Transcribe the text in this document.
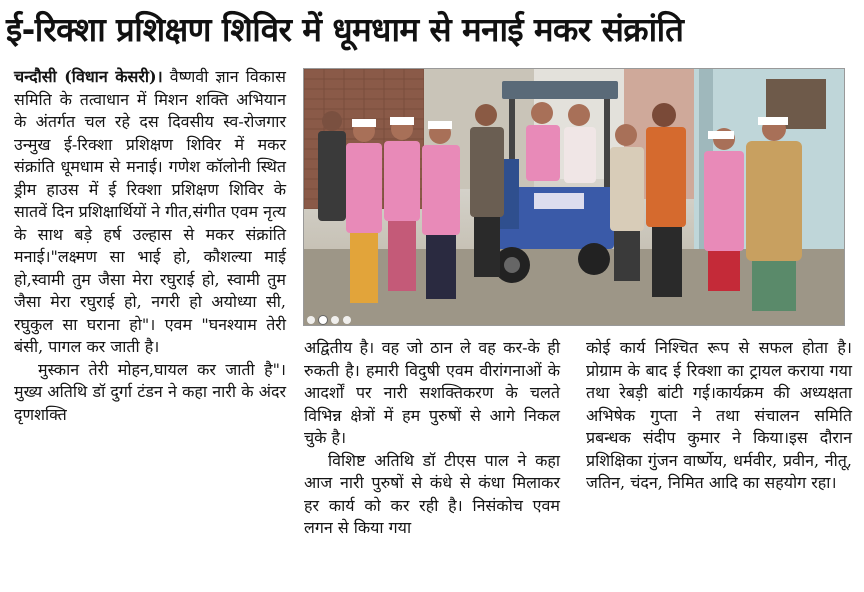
ई-रिक्शा प्रशिक्षण शिविर में धूमधाम से मनाई मकर संक्रांति

चन्दौसी (विधान केसरी)। वैष्णवी ज्ञान विकास समिति के तत्वाधान में मिशन शक्ति अभियान के अंतर्गत चल रहे दस दिवसीय स्व-रोजगार उन्मुख ई-रिक्शा प्रशिक्षण शिविर में मकर संक्रांति धूमधाम से मनाई। गणेश कॉलोनी स्थित ड्रीम हाउस में ई रिक्शा प्रशिक्षण शिविर के सातवें दिन प्रशिक्षार्थियों ने गीत,संगीत एवम नृत्य के साथ बड़े हर्ष उल्हास से मकर संक्रांति मनाई।"लक्ष्मण सा भाई हो, कौशल्या माई हो,स्वामी तुम जैसा मेरा रघुराई हो, स्वामी तुम जैसा मेरा रघुराई हो, नगरी हो अयोध्या सी, रघुकुल सा घराना हो"। एवम "घनश्याम तेरी बंसी, पागल कर जाती है।

मुस्कान तेरी मोहन,घायल कर जाती है"। मुख्य अतिथि डॉ दुर्गा टंडन ने कहा नारी के अंदर दृणशक्ति

अद्वितीय है। वह जो ठान ले वह कर-के ही रुकती है। हमारी विदुषी एवम वीरांगनाओं के आदर्शों पर नारी सशक्तिकरण के चलते विभिन्न क्षेत्रों में हम पुरुषों से आगे निकल चुके है।

विशिष्ट अतिथि डॉ टीएस पाल ने कहा आज नारी पुरुषों से कंधे से कंधा मिलाकर हर कार्य को कर रही है। निसंकोच एवम लगन से किया गया

कोई कार्य निश्चित रूप से सफल होता है। प्रोग्राम के बाद ई रिक्शा का ट्रायल कराया गया तथा रेबड़ी बांटी गई।कार्यक्रम की अध्यक्षता अभिषेक गुप्ता ने तथा संचालन समिति प्रबन्धक संदीप कुमार ने किया।इस दौरान प्रशिक्षिका गुंजन वार्ष्णेय, धर्मवीर, प्रवीन, नीतू, जतिन, चंदन, निमित आदि का सहयोग रहा।
